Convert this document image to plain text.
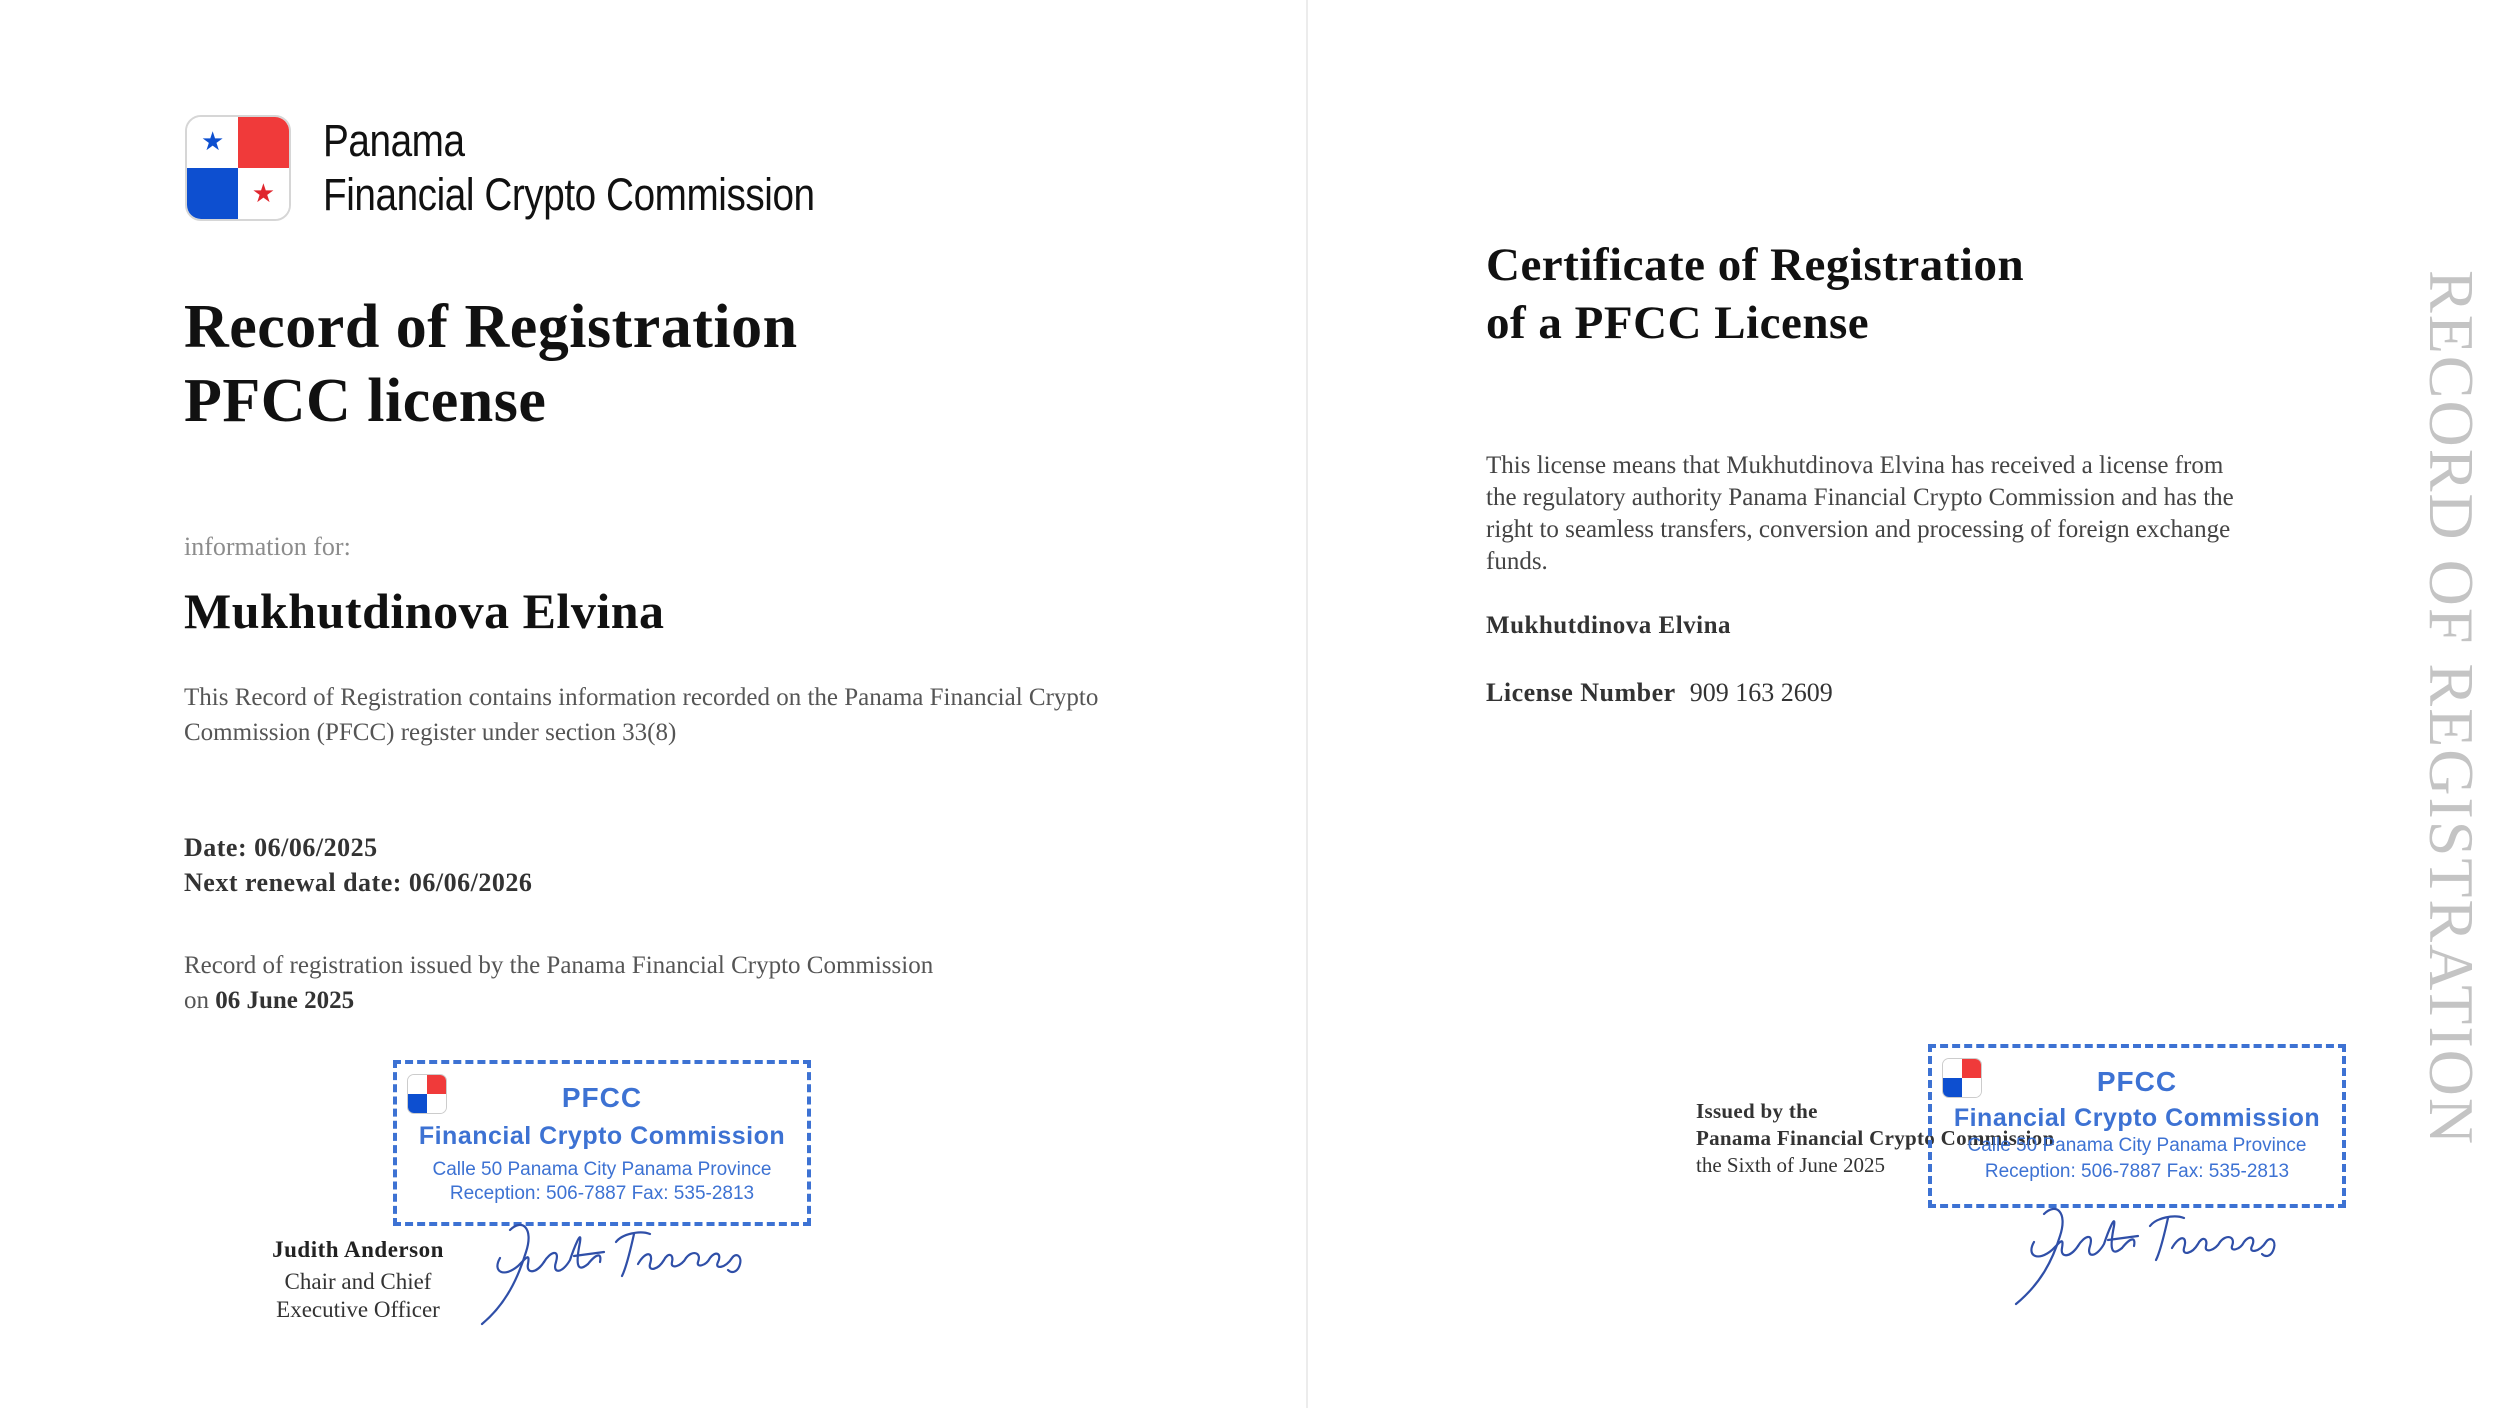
★
★
Panama
Financial Crypto Commission
Record of Registration
PFCC license
information for:
Mukhutdinova Elvina
This Record of Registration contains information recorded on the Panama Financial Crypto Commission (PFCC) register under section 33(8)
Date: 06/06/2025
Next renewal date: 06/06/2026
Record of registration issued by the Panama Financial Crypto Commission
on 06 June 2025
PFCC
Financial Crypto Commission
Calle 50 Panama City Panama Province
Reception: 506-7887 Fax: 535-2813
Judith Anderson
Chair and Chief
Executive Officer
Certificate of Registration
of a PFCC License
This license means that Mukhutdinova Elvina has received a license from the regulatory authority Panama Financial Crypto Commission and has the right to seamless transfers, conversion and processing of foreign exchange funds.
Mukhutdinova Elvina
License Number 909 163 2609
Issued by the
Panama Financial Crypto Commission
the Sixth of June 2025
PFCC
Financial Crypto Commission
Calle 50 Panama City Panama Province
Reception: 506-7887 Fax: 535-2813
RECORD OF REGISTRATION
